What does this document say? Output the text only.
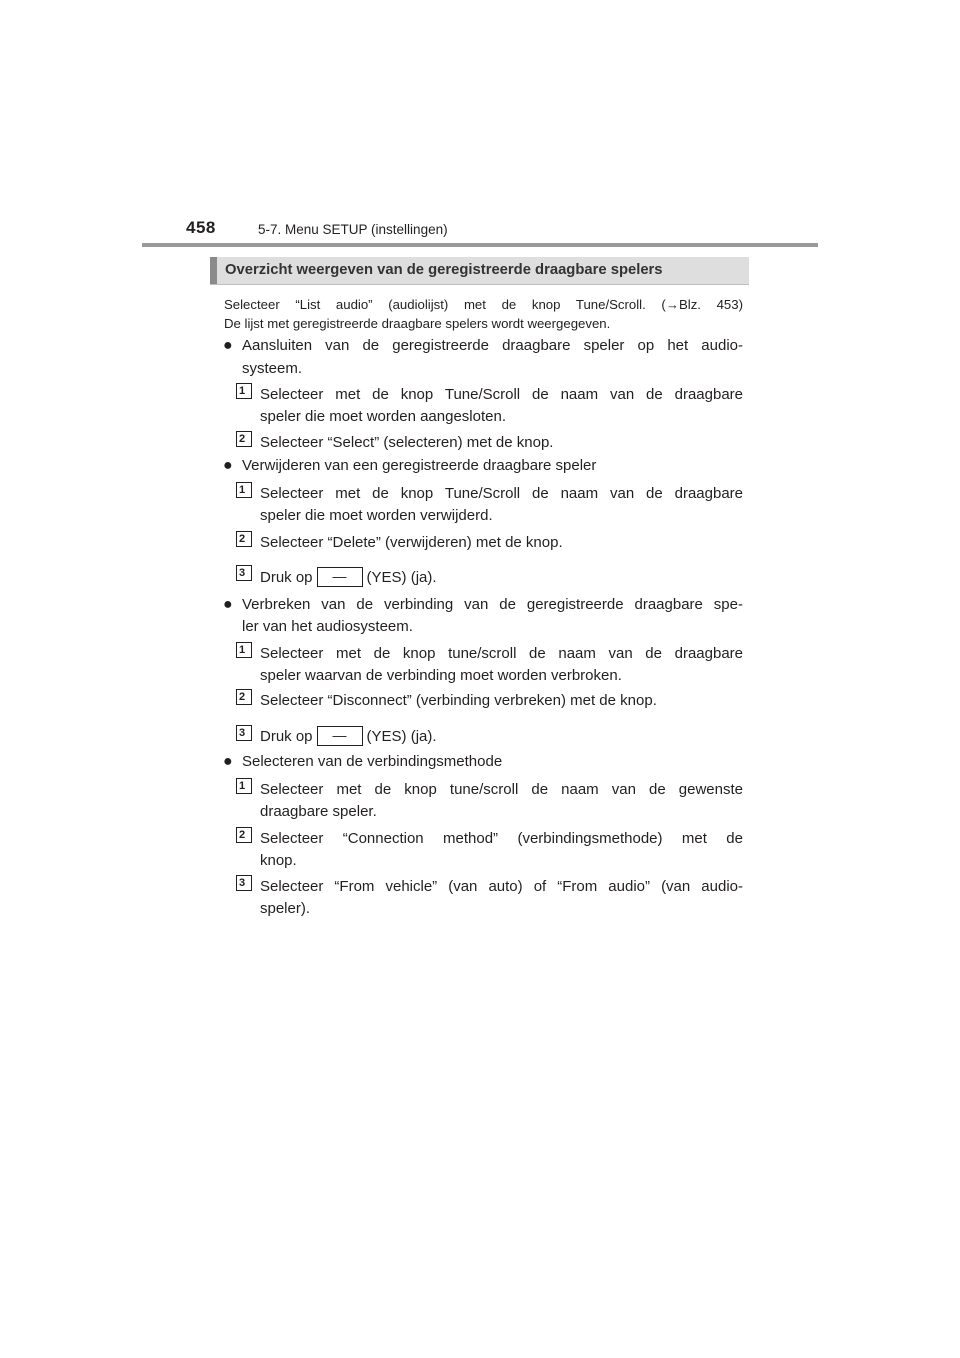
458	5-7. Menu SETUP (instellingen)
Overzicht weergeven van de geregistreerde draagbare spelers
Selecteer “List audio” (audiolijst) met de knop Tune/Scroll. (→Blz. 453)
De lijst met geregistreerde draagbare spelers wordt weergegeven.
● Aansluiten van de geregistreerde draagbare speler op het audio-
systeem.
1 Selecteer met de knop Tune/Scroll de naam van de draagbare
speler die moet worden aangesloten.
2 Selecteer “Select” (selecteren) met de knop.
● Verwijderen van een geregistreerde draagbare speler
1 Selecteer met de knop Tune/Scroll de naam van de draagbare
speler die moet worden verwijderd.
2 Selecteer “Delete” (verwijderen) met de knop.
3 Druk op — (YES) (ja).
● Verbreken van de verbinding van de geregistreerde draagbare spe-
ler van het audiosysteem.
1 Selecteer met de knop tune/scroll de naam van de draagbare
speler waarvan de verbinding moet worden verbroken.
2 Selecteer “Disconnect” (verbinding verbreken) met de knop.
3 Druk op — (YES) (ja).
● Selecteren van de verbindingsmethode
1 Selecteer met de knop tune/scroll de naam van de gewenste
draagbare speler.
2 Selecteer “Connection method” (verbindingsmethode) met de
knop.
3 Selecteer “From vehicle” (van auto) of “From audio” (van audio-
speler).
